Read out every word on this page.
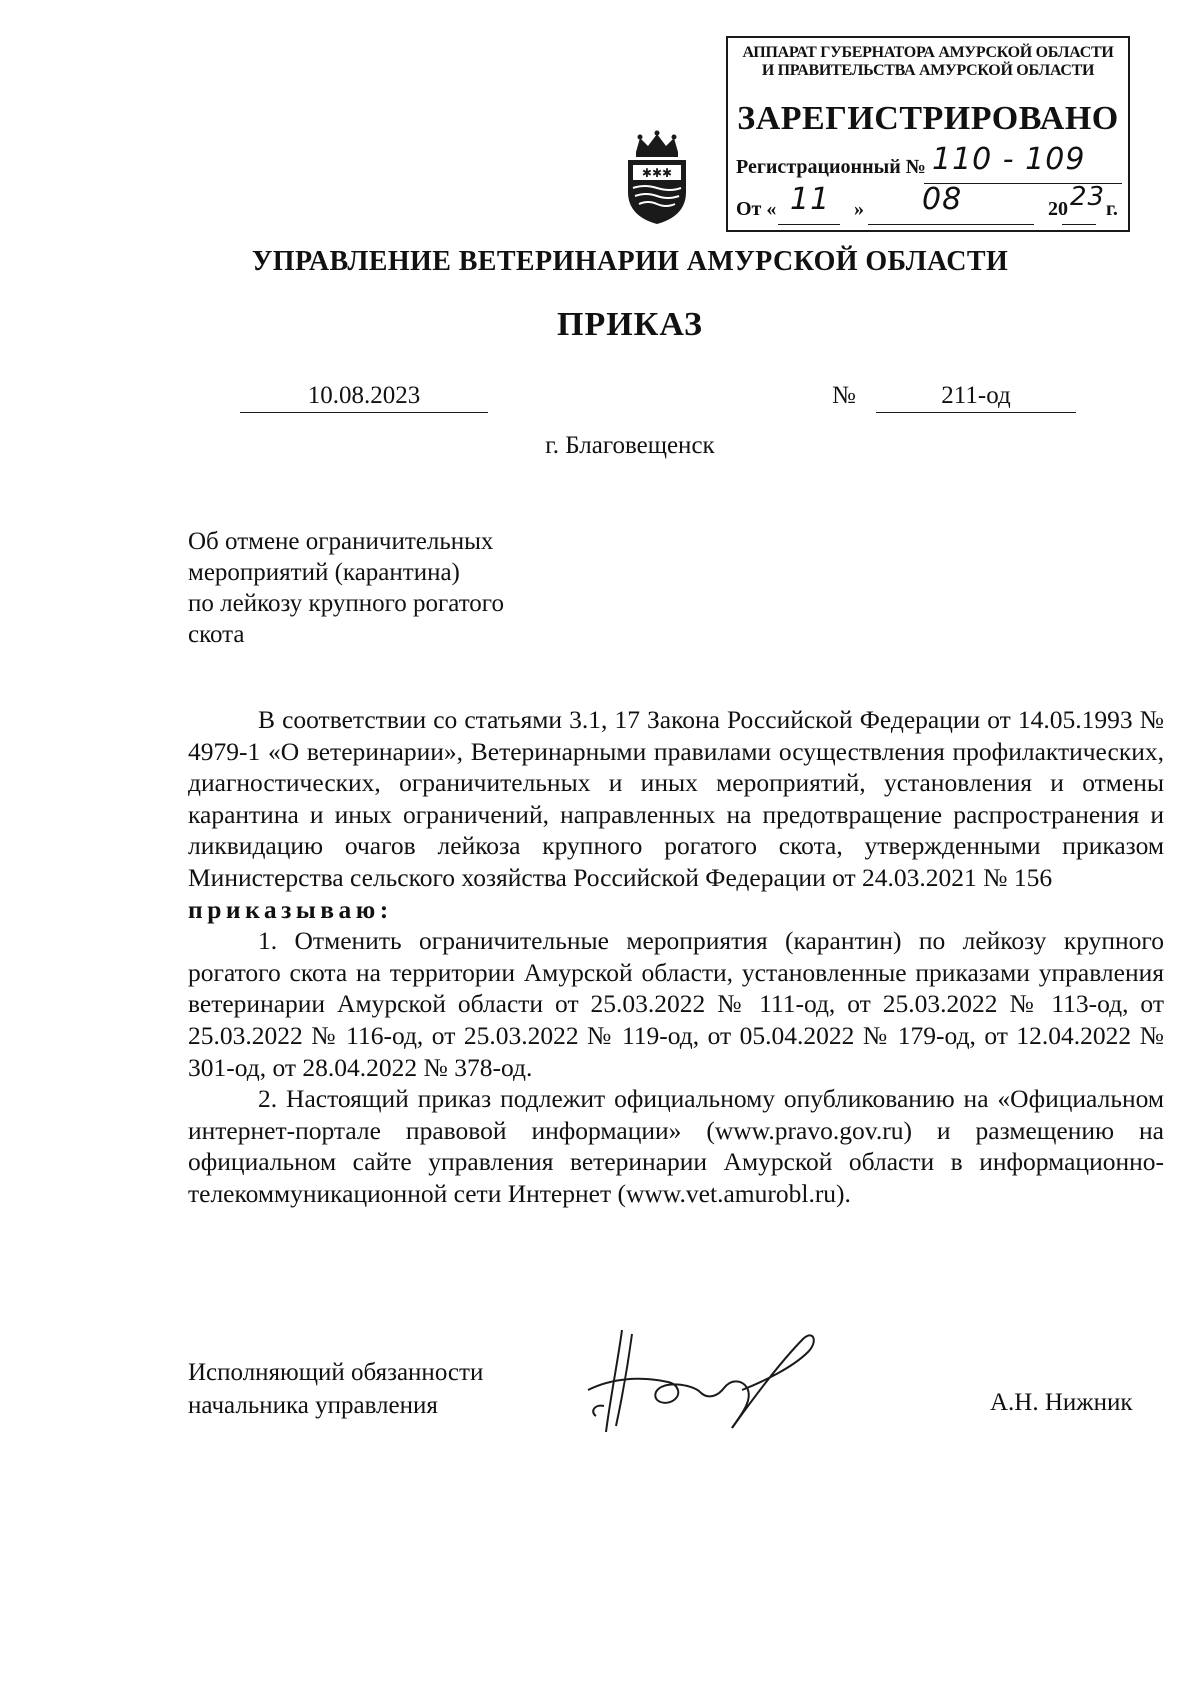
АППАРАТ ГУБЕРНАТОРА АМУРСКОЙ ОБЛАСТИ
И ПРАВИТЕЛЬСТВА АМУРСКОЙ ОБЛАСТИ
ЗАРЕГИСТРИРОВАНО
Регистрационный № 110 - 109
От « 11 » 08	20 23 г.
✱✱✱
УПРАВЛЕНИЕ ВЕТЕРИНАРИИ АМУРСКОЙ ОБЛАСТИ
ПРИКАЗ
10.08.2023	№	211-од
г. Благовещенск
Об отмене ограничительных
мероприятий (карантина)
по лейкозу крупного рогатого
скота

В соответствии со статьями 3.1, 17 Закона Российской Федерации от 14.05.1993 № 4979-1 «О ветеринарии», Ветеринарными правилами осуществления профилактических, диагностических, ограничительных и иных мероприятий, установления и отмены карантина и иных ограничений, направленных на предотвращение распространения и ликвидацию очагов лейкоза крупного рогатого скота, утвержденными приказом Министерства сельского хозяйства Российской Федерации от 24.03.2021 № 156

приказываю:

1. Отменить ограничительные мероприятия (карантин) по лейкозу крупного рогатого скота на территории Амурской области, установленные приказами управления ветеринарии Амурской области от 25.03.2022 № 111-од, от 25.03.2022 № 113-од, от 25.03.2022 № 116-од, от 25.03.2022 № 119-од, от 05.04.2022 № 179-од, от 12.04.2022 № 301-од, от 28.04.2022 № 378-од.

2. Настоящий приказ подлежит официальному опубликованию на «Официальном интернет-портале правовой информации» (www.pravo.gov.ru) и размещению на официальном сайте управления ветеринарии Амурской области в информационно-телекоммуникационной сети Интернет (www.vet.amurobl.ru).

Исполняющий обязанности
начальника управления	А.Н. Нижник
